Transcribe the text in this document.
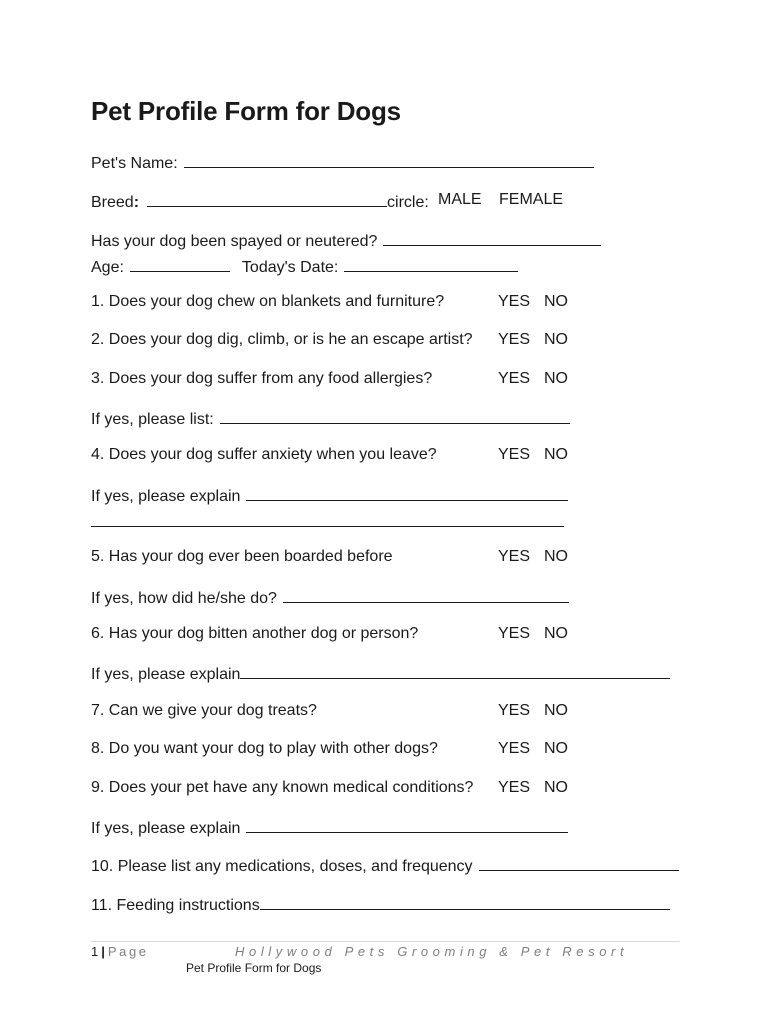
Pet Profile Form for Dogs
Pet's Name:
Breed:	circle: MALE FEMALE
Has your dog been spayed or neutered?
Age:	Today's Date:
1. Does your dog chew on blankets and furniture?	YES NO
2. Does your dog dig, climb, or is he an escape artist? YES NO
3. Does your dog suffer from any food allergies?	YES NO
If yes, please list:
4. Does your dog suffer anxiety when you leave?	YES NO
If yes, please explain
5. Has your dog ever been boarded before	YES NO
If yes, how did he/she do?
6. Has your dog bitten another dog or person?	YES NO
If yes, please explain
7. Can we give your dog treats?	YES NO
8. Do you want your dog to play with other dogs?	YES NO
9. Does your pet have any known medical conditions? YES NO
If yes, please explain
10. Please list any medications, doses, and frequency
11. Feeding instructions
1 | Page	Hollywood Pets Grooming & Pet Resort
Pet Profile Form for Dogs
